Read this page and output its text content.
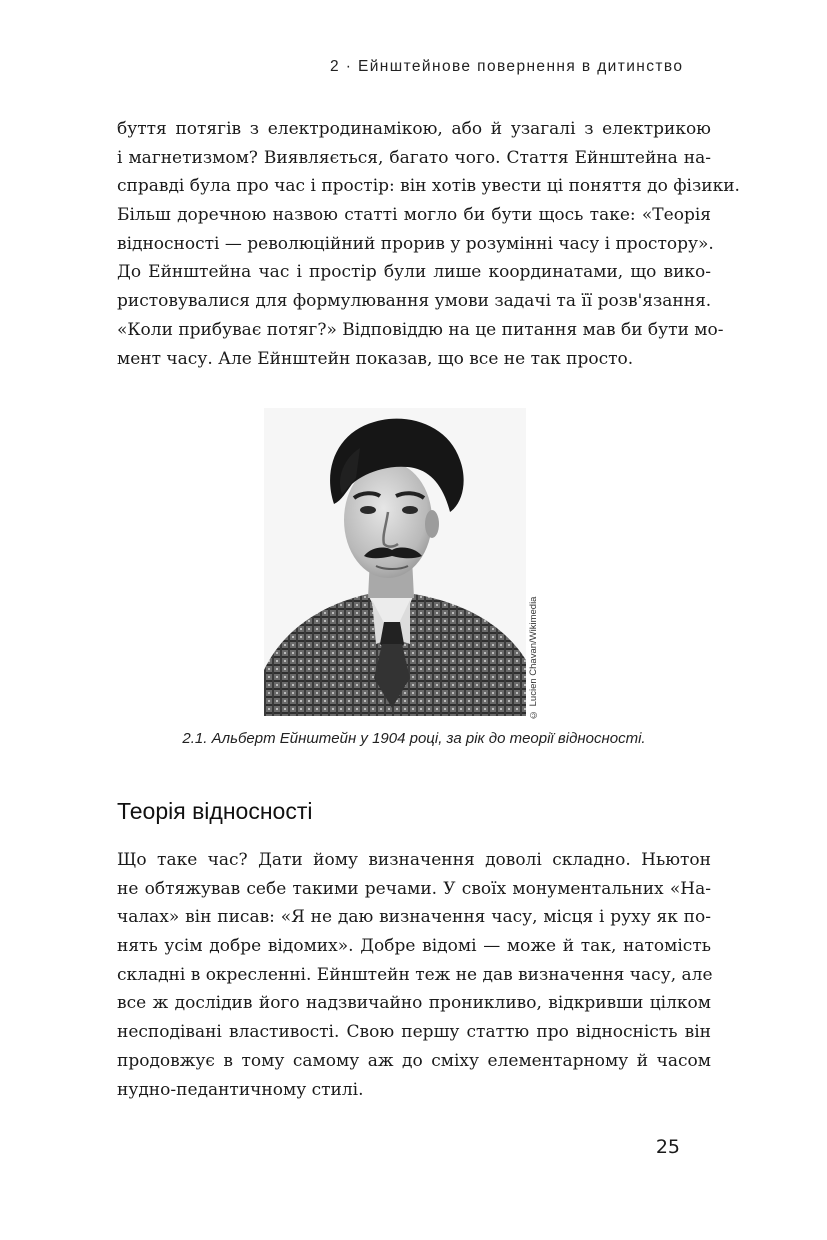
2 · Ейнштейнове повернення в дитинство
буття потягів з електродинамікою, або й узагалі з електрикою
і магнетизмом? Виявляється, багато чого. Стаття Ейнштейна на-
справді була про час і простір: він хотів увести ці поняття до фізики.
Більш доречною назвою статті могло би бути щось таке: «Теорія
відносності — революційний прорив у розумінні часу і простору».
До Ейнштейна час і простір були лише координатами, що вико-
ристовувалися для формулювання умови задачі та її розв'язання.
«Коли прибуває потяг?» Відповіддю на це питання мав би бути мо-
мент часу. Але Ейнштейн показав, що все не так просто.
© Lucien Chavan/Wikimedia
2.1. Альберт Ейнштейн у 1904 році, за рік до теорії відносності.
Теорія відносності
Що таке час? Дати йому визначення доволі складно. Ньютон
не обтяжував себе такими речами. У своїх монументальних «На-
чалах» він писав: «Я не даю визначення часу, місця і руху як по-
нять усім добре відомих». Добре відомі — може й так, натомість
складні в окресленні. Ейнштейн теж не дав визначення часу, але
все ж дослідив його надзвичайно проникливо, відкривши цілком
несподівані властивості. Свою першу статтю про відносність він
продовжує в тому самому аж до сміху елементарному й часом
нудно-педантичному стилі.
25
